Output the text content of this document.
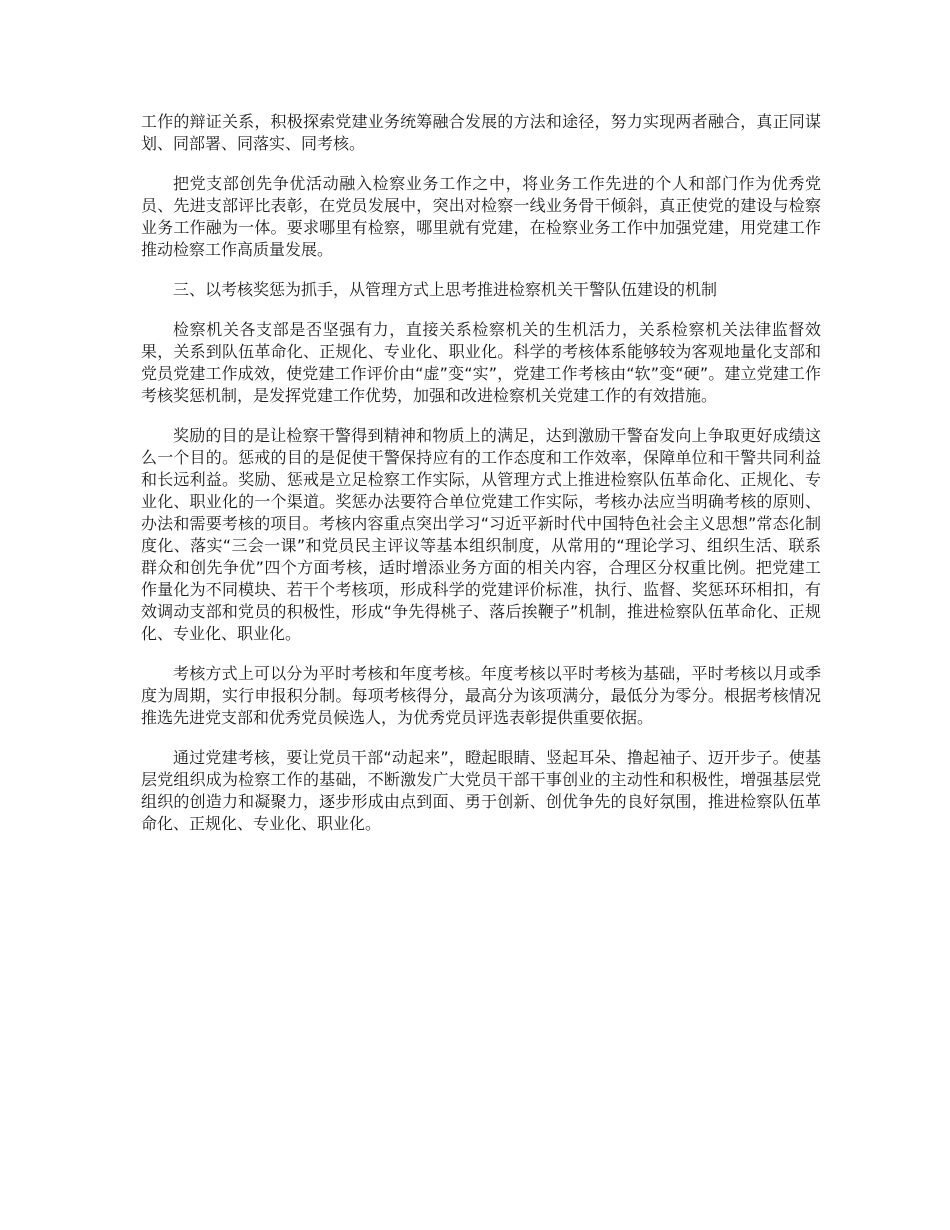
工作的辩证关系，积极探索党建业务统筹融合发展的方法和途径，努力实现两者融合，真正同谋划、同部署、同落实、同考核。

把党支部创先争优活动融入检察业务工作之中，将业务工作先进的个人和部门作为优秀党员、先进支部评比表彰，在党员发展中，突出对检察一线业务骨干倾斜，真正使党的建设与检察业务工作融为一体。要求哪里有检察，哪里就有党建，在检察业务工作中加强党建，用党建工作推动检察工作高质量发展。

三、以考核奖惩为抓手，从管理方式上思考推进检察机关干警队伍建设的机制

检察机关各支部是否坚强有力，直接关系检察机关的生机活力，关系检察机关法律监督效果，关系到队伍革命化、正规化、专业化、职业化。科学的考核体系能够较为客观地量化支部和党员党建工作成效，使党建工作评价由“虚”变“实”，党建工作考核由“软”变“硬”。建立党建工作考核奖惩机制，是发挥党建工作优势，加强和改进检察机关党建工作的有效措施。

奖励的目的是让检察干警得到精神和物质上的满足，达到激励干警奋发向上争取更好成绩这么一个目的。惩戒的目的是促使干警保持应有的工作态度和工作效率，保障单位和干警共同利益和长远利益。奖励、惩戒是立足检察工作实际，从管理方式上推进检察队伍革命化、正规化、专业化、职业化的一个渠道。奖惩办法要符合单位党建工作实际，考核办法应当明确考核的原则、办法和需要考核的项目。考核内容重点突出学习“习近平新时代中国特色社会主义思想”常态化制度化、落实“三会一课”和党员民主评议等基本组织制度，从常用的“理论学习、组织生活、联系群众和创先争优”四个方面考核，适时增添业务方面的相关内容，合理区分权重比例。把党建工作量化为不同模块、若干个考核项，形成科学的党建评价标准，执行、监督、奖惩环环相扣，有效调动支部和党员的积极性，形成“争先得桃子、落后挨鞭子”机制，推进检察队伍革命化、正规化、专业化、职业化。

考核方式上可以分为平时考核和年度考核。年度考核以平时考核为基础，平时考核以月或季度为周期，实行申报积分制。每项考核得分，最高分为该项满分，最低分为零分。根据考核情况推选先进党支部和优秀党员候选人，为优秀党员评选表彰提供重要依据。

通过党建考核，要让党员干部“动起来”，瞪起眼睛、竖起耳朵、撸起袖子、迈开步子。使基层党组织成为检察工作的基础，不断激发广大党员干部干事创业的主动性和积极性，增强基层党组织的创造力和凝聚力，逐步形成由点到面、勇于创新、创优争先的良好氛围，推进检察队伍革命化、正规化、专业化、职业化。
